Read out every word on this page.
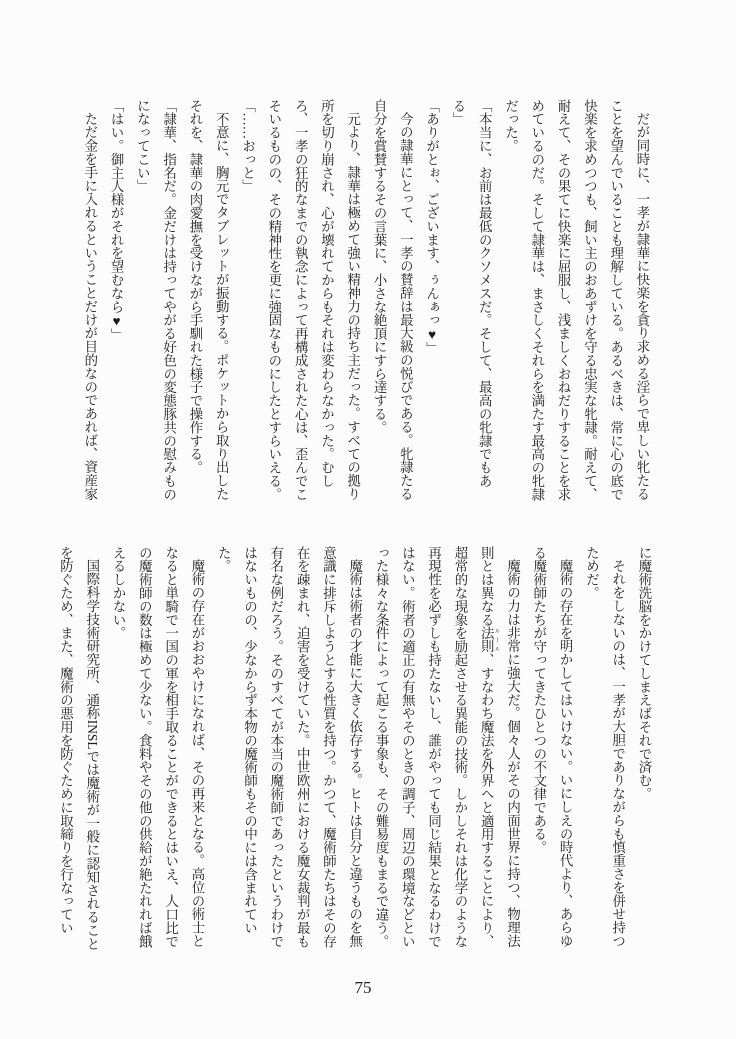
だが同時に、一孝が隷華に快楽を貪り求める淫らで卑しい牝たることを望んでいることも理解している。あるべきは、常に心の底で快楽を求めつつも、飼い主のおあずけを守る忠実な牝隷。耐えて、耐えて、その果てに快楽に屈服し、浅ましくおねだりすることを求めているのだ。そして隷華は、まさしくそれらを満たす最高の牝隷だった。

「本当に、お前は最低のクソメスだ。そして、最高の牝隷でもある」

「ありがとぉ、ございます、ぅんぁっ♥」

今の隷華にとって、一孝の賛辞は最大級の悦びである。牝隷たる自分を賞賛するその言葉に、小さな絶頂にすら達する。

元より、隷華は極めて強い精神力の持ち主だった。すべての拠り所を切り崩され、心が壊れてからもそれは変わらなかった。むしろ、一孝の狂的なまでの執念によって再構成された心は、歪んでこそいるものの、その精神性を更に強固なものにしたとすらいえる。

「……おっと」

不意に、胸元でタブレットが振動する。ポケットから取り出したそれを、隷華の肉愛撫を受けながら手馴れた様子で操作する。

「隷華、指名だ。金だけは持ってやがる好色の変態豚共の慰みものになってこい」

「はい。御主人様がそれを望むなら♥」

ただ金を手に入れるということだけが目的なのであれば、資産家

に魔術洗脳をかけてしまえばそれで済む。

それをしないのは、一孝が大胆でありながらも慎重さを併せ持つためだ。

魔術の存在を明かしてはいけない。いにしえの時代より、あらゆる魔術師たちが守ってきたひとつの不文律である。

魔術の力は非常に強大だ。個々人がその内面世界に持つ、物理法則とは異なる法則 ルール、すなわち魔法を外界へと適用することにより、超常的な現象を励起させる異能の技術。しかしそれは化学のような再現性を必ずしも持たないし、誰がやっても同じ結果となるわけではない。術者の適正の有無やそのときの調子、周辺の環境などといった様々な条件によって起こる事象も、その難易度もまるで違う。

魔術は術者の才能に大きく依存する。ヒトは自分と違うものを無意識に排斥しようとする性質を持つ。かつて、魔術師たちはその存在を疎まれ、迫害を受けていた。中世欧州における魔女裁判が最も有名な例だろう。そのすべてが本当の魔術師であったというわけではないものの、少なからず本物の魔術師もその中には含まれていた。

魔術の存在がおおやけになれば、その再来となる。高位の術士となると単騎で一国の軍を相手取ることができるとはいえ、人口比での魔術師の数は極めて少ない。食料やその他の供給が絶たれれば餓えるしかない。

国際科学技術研究所、通称INSLでは魔術が一般に認知されることを防ぐため、また、魔術の悪用を防ぐために取締りを行なってい

75
